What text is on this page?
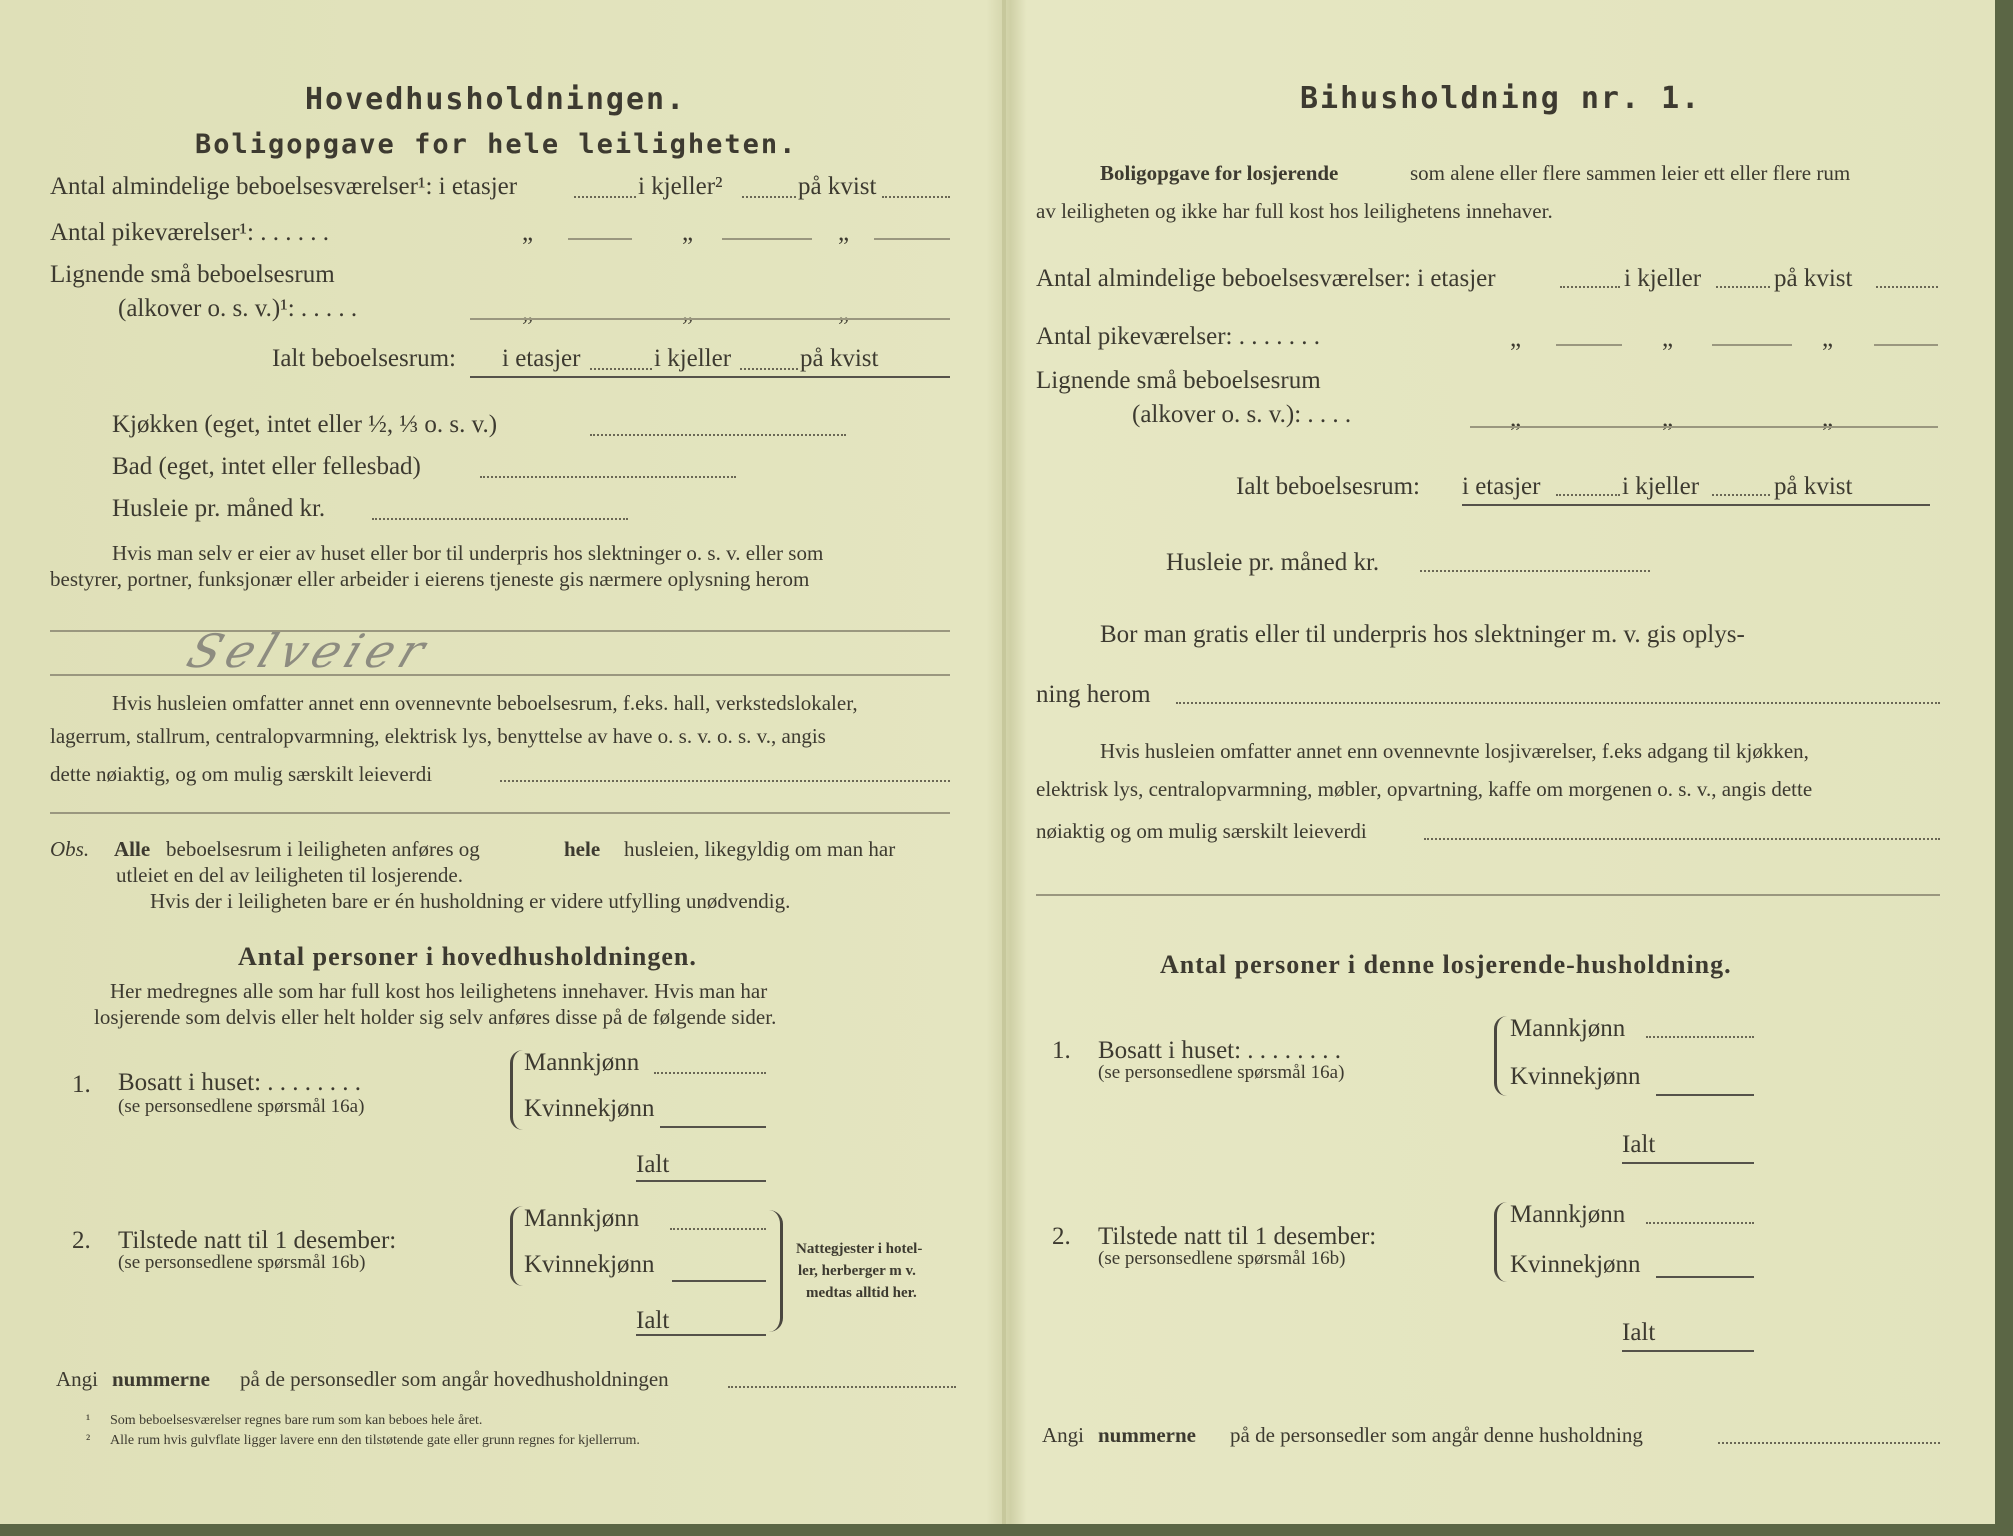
Hovedhusholdningen.
Boligopgave for hele leiligheten.
Antal almindelige beboelsesværelser¹: i etasjer	i kjeller²	på kvist
Antal pikeværelser¹: . . . . . .	„	„	„
Lignende små beboelsesrum
(alkover o. s. v.)¹: . . . . .	„	„	„
Ialt beboelsesrum: i etasjer	i kjeller	på kvist
Kjøkken (eget, intet eller ½, ⅓ o. s. v.)
Bad (eget, intet eller fellesbad)
Husleie pr. måned kr.
Hvis man selv er eier av huset eller bor til underpris hos slektninger o. s. v. eller som
bestyrer, portner, funksjonær eller arbeider i eierens tjeneste gis nærmere oplysning herom
Selveier
Hvis husleien omfatter annet enn ovennevnte beboelsesrum, f.eks. hall, verkstedslokaler,
lagerrum, stallrum, centralopvarmning, elektrisk lys, benyttelse av have o. s. v. o. s. v., angis
dette nøiaktig, og om mulig særskilt leieverdi
Obs. Alle beboelsesrum i leiligheten anføres og	hele husleien, likegyldig om man har
utleiet en del av leiligheten til losjerende.
Hvis der i leiligheten bare er én husholdning er videre utfylling unødvendig.
Antal personer i hovedhusholdningen.
Her medregnes alle som har full kost hos leilighetens innehaver. Hvis man har
losjerende som delvis eller helt holder sig selv anføres disse på de følgende sider.
1. Bosatt i huset: . . . . . . . .
(se personsedlene spørsmål 16a)
Mannkjønn
Kvinnekjønn
Ialt
2. Tilstede natt til 1 desember:
(se personsedlene spørsmål 16b)
Mannkjønn
Kvinnekjønn
Ialt
Nattegjester i hotel-
ler, herberger m v.
medtas alltid her.
Angi nummerne på de personsedler som angår hovedhusholdningen
¹ Som beboelsesværelser regnes bare rum som kan beboes hele året.
² Alle rum hvis gulvflate ligger lavere enn den tilstøtende gate eller grunn regnes for kjellerrum.
Bihusholdning nr. 1.
Boligopgave for losjerende	som alene eller flere sammen leier ett eller flere rum
av leiligheten og ikke har full kost hos leilighetens innehaver.
Antal almindelige beboelsesværelser: i etasjer	i kjeller	på kvist
Antal pikeværelser: . . . . . . .	„	„	„
Lignende små beboelsesrum
(alkover o. s. v.): . . . .	„	„	„
Ialt beboelsesrum: i etasjer	i kjeller	på kvist
Husleie pr. måned kr.
Bor man gratis eller til underpris hos slektninger m. v. gis oplys-
ning herom
Hvis husleien omfatter annet enn ovennevnte losjiværelser, f.eks adgang til kjøkken,
elektrisk lys, centralopvarmning, møbler, opvartning, kaffe om morgenen o. s. v., angis dette
nøiaktig og om mulig særskilt leieverdi
Antal personer i denne losjerende-husholdning.
1. Bosatt i huset: . . . . . . . .
(se personsedlene spørsmål 16a)
Mannkjønn
Kvinnekjønn
Ialt
2. Tilstede natt til 1 desember:
(se personsedlene spørsmål 16b)
Mannkjønn
Kvinnekjønn
Ialt
Angi nummerne på de personsedler som angår denne husholdning
